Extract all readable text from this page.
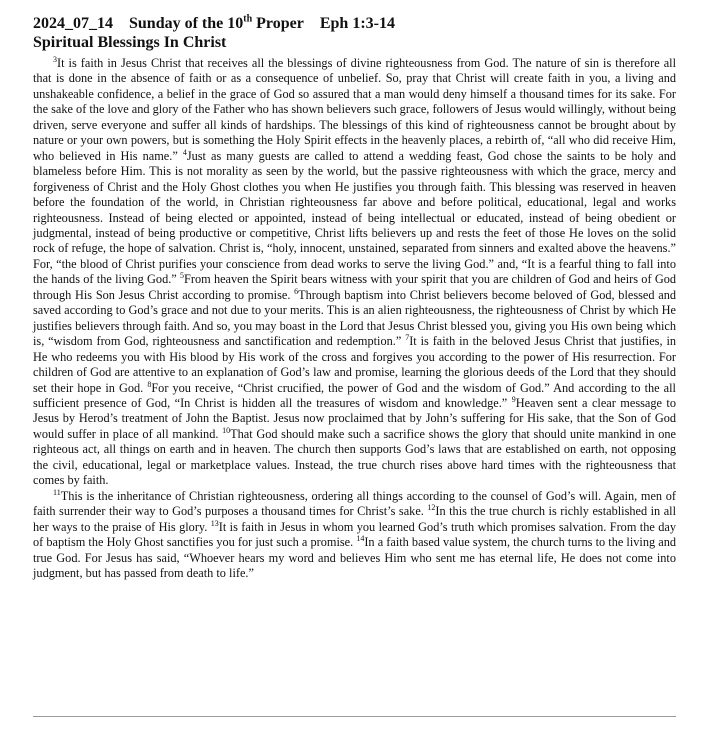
2024_07_14 Sunday of the 10th Proper Eph 1:3-14
Spiritual Blessings In Christ

$^3$It is faith in Jesus Christ that receives all the blessings of divine righteousness from God. The nature of sin is therefore all that is done in the absence of faith or as a consequence of unbelief. So, pray that Christ will create faith in you, a living and unshakeable confidence, a belief in the grace of God so assured that a man would deny himself a thousand times for its sake. For the sake of the love and glory of the Father who has shown believers such grace, followers of Jesus would willingly, without being driven, serve everyone and suffer all kinds of hardships. The blessings of this kind of righteousness cannot be brought about by nature or your own powers, but is something the Holy Spirit effects in the heavenly places, a rebirth of, “all who did receive Him, who believed in His name.” $^4$Just as many guests are called to attend a wedding feast, God chose the saints to be holy and blameless before Him. This is not morality as seen by the world, but the passive righteousness with which the grace, mercy and forgiveness of Christ and the Holy Ghost clothes you when He justifies you through faith. This blessing was reserved in heaven before the foundation of the world, in Christian righteousness far above and before political, educational, legal and works righteousness. Instead of being elected or appointed, instead of being intellectual or educated, instead of being obedient or judgmental, instead of being productive or competitive, Christ lifts believers up and rests the feet of those He loves on the solid rock of refuge, the hope of salvation. Christ is, “holy, innocent, unstained, separated from sinners and exalted above the heavens.” For, “the blood of Christ purifies your conscience from dead works to serve the living God.” and, “It is a fearful thing to fall into the hands of the living God.” $^5$From heaven the Spirit bears witness with your spirit that you are children of God and heirs of God through His Son Jesus Christ according to promise. $^6$Through baptism into Christ believers become beloved of God, blessed and saved according to God’s grace and not due to your merits. This is an alien righteousness, the righteousness of Christ by which He justifies believers through faith. And so, you may boast in the Lord that Jesus Christ blessed you, giving you His own being which is, “wisdom from God, righteousness and sanctification and redemption.” $^7$It is faith in the beloved Jesus Christ that justifies, in He who redeems you with His blood by His work of the cross and forgives you according to the power of His resurrection. For children of God are attentive to an explanation of God’s law and promise, learning the glorious deeds of the Lord that they should set their hope in God. $^8$For you receive, “Christ crucified, the power of God and the wisdom of God.” And according to the all sufficient presence of God, “In Christ is hidden all the treasures of wisdom and knowledge.” $^9$Heaven sent a clear message to Jesus by Herod’s treatment of John the Baptist. Jesus now proclaimed that by John’s suffering for His sake, that the Son of God would suffer in place of all mankind. $^{10}$That God should make such a sacrifice shows the glory that should unite mankind in one righteous act, all things on earth and in heaven. The church then supports God’s laws that are established on earth, not opposing the civil, educational, legal or marketplace values. Instead, the true church rises above hard times with the righteousness that comes by faith.

$^{11}$This is the inheritance of Christian righteousness, ordering all things according to the counsel of God’s will. Again, men of faith surrender their way to God’s purposes a thousand times for Christ’s sake. $^{12}$In this the true church is richly established in all her ways to the praise of His glory. $^{13}$It is faith in Jesus in whom you learned God’s truth which promises salvation. From the day of baptism the Holy Ghost sanctifies you for just such a promise. $^{14}$In a faith based value system, the church turns to the living and true God. For Jesus has said, “Whoever hears my word and believes Him who sent me has eternal life, He does not come into judgment, but has passed from death to life.”
